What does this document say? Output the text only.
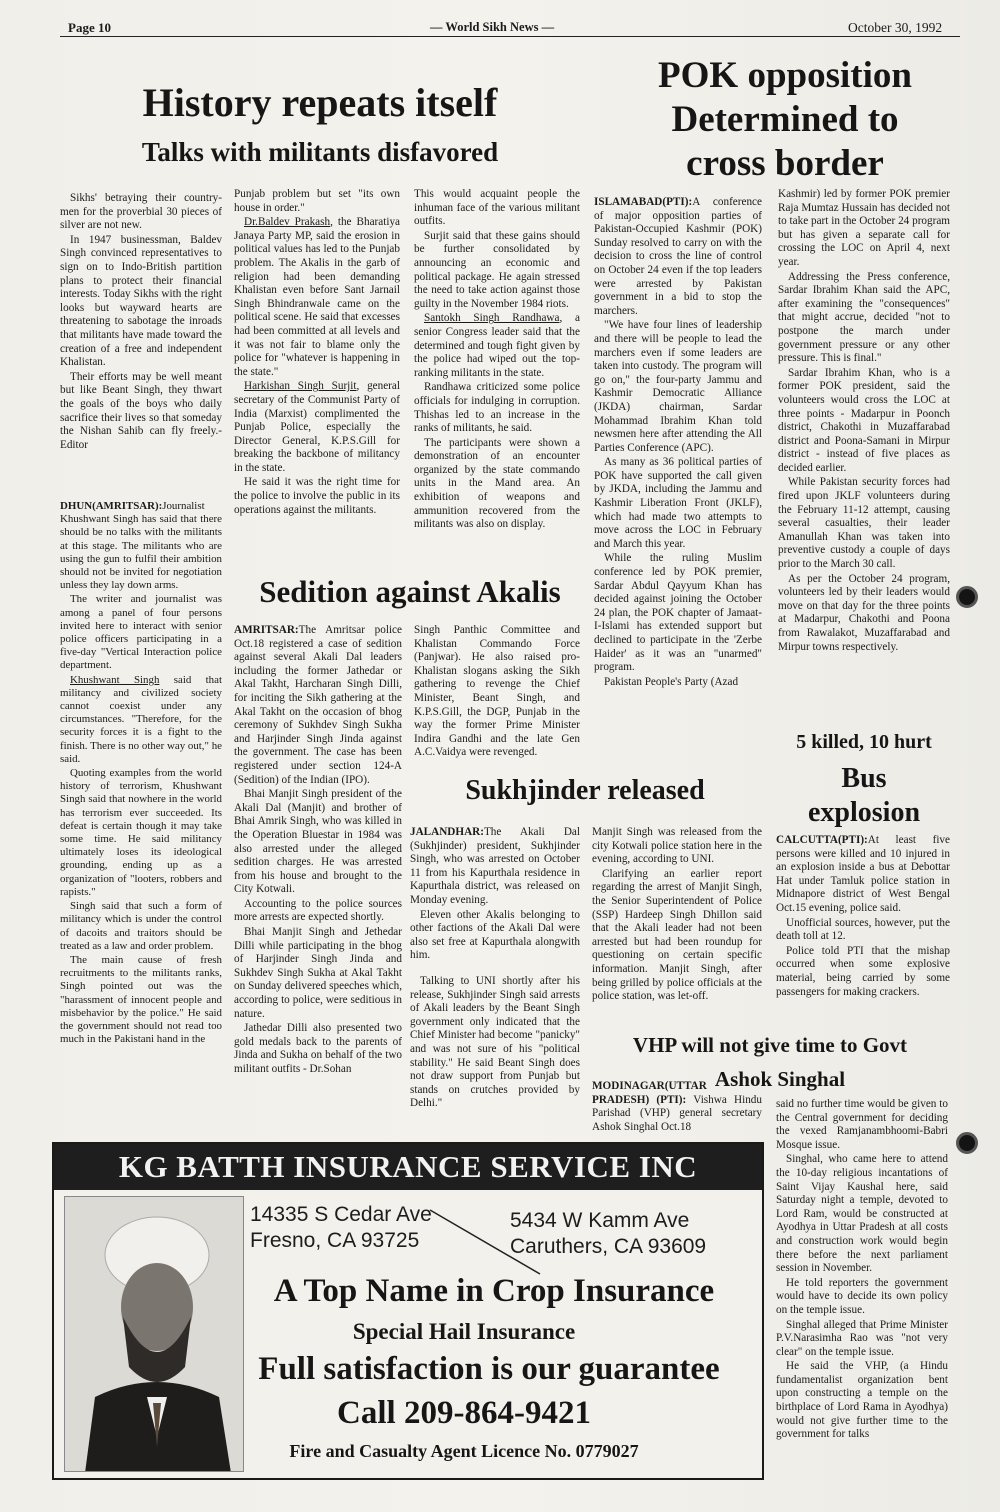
Page 10	— World Sikh News —	October 30, 1992
History repeats itself
Talks with militants disfavored

Sikhs' betraying their country-men for the proverbial 30 pieces of silver are not new.

In 1947 businessman, Baldev Singh convinced representatives to sign on to Indo-British partition plans to protect their financial interests. Today Sikhs with the right looks but wayward hearts are threatening to sabotage the inroads that militants have made toward the creation of a free and independent Khalistan.

Their efforts may be well meant but like Beant Singh, they thwart the goals of the boys who daily sacrifice their lives so that someday the Nishan Sahib can fly freely.-Editor

DHUN(AMRITSAR):Journalist Khushwant Singh has said that there should be no talks with the militants at this stage. The militants who are using the gun to fulfil their ambition should not be invited for negotiation unless they lay down arms.

The writer and journalist was among a panel of four persons invited here to interact with senior police officers participating in a five-day "Vertical Interaction police department.

Khushwant Singh said that militancy and civilized society cannot coexist under any circumstances. "Therefore, for the security forces it is a fight to the finish. There is no other way out," he said.

Quoting examples from the world history of terrorism, Khushwant Singh said that nowhere in the world has terrorism ever succeeded. Its defeat is certain though it may take some time. He said militancy ultimately loses its ideological grounding, ending up as a organization of "looters, robbers and rapists."

Singh said that such a form of militancy which is under the control of dacoits and traitors should be treated as a law and order problem.

The main cause of fresh recruitments to the militants ranks, Singh pointed out was the "harassment of innocent people and misbehavior by the police." He said the government should not read too much in the Pakistani hand in the

Punjab problem but set "its own house in order."

Dr.Baldev Prakash, the Bharatiya Janaya Party MP, said the erosion in political values has led to the Punjab problem. The Akalis in the garb of religion had been demanding Khalistan even before Sant Jarnail Singh Bhindranwale came on the political scene. He said that excesses had been committed at all levels and it was not fair to blame only the police for "whatever is happening in the state."

Harkishan Singh Surjit, general secretary of the Communist Party of India (Marxist) complimented the Punjab Police, especially the Director General, K.P.S.Gill for breaking the backbone of militancy in the state.

He said it was the right time for the police to involve the public in its operations against the militants.

This would acquaint people the inhuman face of the various militant outfits.

Surjit said that these gains should be further consolidated by announcing an economic and political package. He again stressed the need to take action against those guilty in the November 1984 riots.

Santokh Singh Randhawa, a senior Congress leader said that the determined and tough fight given by the police had wiped out the top-ranking militants in the state.

Randhawa criticized some police officials for indulging in corruption. Thishas led to an increase in the ranks of militants, he said.

The participants were shown a demonstration of an encounter organized by the state commando units in the Mand area. An exhibition of weapons and ammunition recovered from the militants was also on display.

POK opposition
Determined to
cross border

ISLAMABAD(PTI):A conference of major opposition parties of Pakistan-Occupied Kashmir (POK) Sunday resolved to carry on with the decision to cross the line of control on October 24 even if the top leaders were arrested by Pakistan government in a bid to stop the marchers.

"We have four lines of leadership and there will be people to lead the marchers even if some leaders are taken into custody. The program will go on," the four-party Jammu and Kashmir Democratic Alliance (JKDA) chairman, Sardar Mohammad Ibrahim Khan told newsmen here after attending the All Parties Conference (APC).

As many as 36 political parties of POK have supported the call given by JKDA, including the Jammu and Kashmir Liberation Front (JKLF), which had made two attempts to move across the LOC in February and March this year.

While the ruling Muslim conference led by POK premier, Sardar Abdul Qayyum Khan has decided against joining the October 24 plan, the POK chapter of Jamaat-I-Islami has extended support but declined to participate in the 'Zerbe Haider' as it was an "unarmed" program.

Pakistan People's Party (Azad

Kashmir) led by former POK premier Raja Mumtaz Hussain has decided not to take part in the October 24 program but has given a separate call for crossing the LOC on April 4, next year.

Addressing the Press conference, Sardar Ibrahim Khan said the APC, after examining the "consequences" that might accrue, decided "not to postpone the march under government pressure or any other pressure. This is final."

Sardar Ibrahim Khan, who is a former POK president, said the volunteers would cross the LOC at three points - Madarpur in Poonch district, Chakothi in Muzaffarabad district and Poona-Samani in Mirpur district - instead of five places as decided earlier.

While Pakistan security forces had fired upon JKLF volunteers during the February 11-12 attempt, causing several casualties, their leader Amanullah Khan was taken into preventive custody a couple of days prior to the March 30 call.

As per the October 24 program, volunteers led by their leaders would move on that day for the three points at Madarpur, Chakothi and Poona from Rawalakot, Muzaffarabad and Mirpur towns respectively.

Sedition against Akalis

AMRITSAR:The Amritsar police Oct.18 registered a case of sedition against several Akali Dal leaders including the former Jathedar or Akal Takht, Harcharan Singh Dilli, for inciting the Sikh gathering at the Akal Takht on the occasion of bhog ceremony of Sukhdev Singh Sukha and Harjinder Singh Jinda against the government. The case has been registered under section 124-A (Sedition) of the Indian (IPO).

Bhai Manjit Singh president of the Akali Dal (Manjit) and brother of Bhai Amrik Singh, who was killed in the Operation Bluestar in 1984 was also arrested under the alleged sedition charges. He was arrested from his house and brought to the City Kotwali.

Accounting to the police sources more arrests are expected shortly.

Bhai Manjit Singh and Jethedar Dilli while participating in the bhog of Harjinder Singh Jinda and Sukhdev Singh Sukha at Akal Takht on Sunday delivered speeches which, according to police, were seditious in nature.

Jathedar Dilli also presented two gold medals back to the parents of Jinda and Sukha on behalf of the two militant outfits - Dr.Sohan

Singh Panthic Committee and Khalistan Commando Force (Panjwar). He also raised pro-Khalistan slogans asking the Sikh gathering to revenge the Chief Minister, Beant Singh, and K.P.S.Gill, the DGP, Punjab in the way the former Prime Minister Indira Gandhi and the late Gen A.C.Vaidya were revenged.

Sukhjinder released

JALANDHAR:The Akali Dal (Sukhjinder) president, Sukhjinder Singh, who was arrested on October 11 from his Kapurthala residence in Kapurthala district, was released on Monday evening.

Eleven other Akalis belonging to other factions of the Akali Dal were also set free at Kapurthala alongwith him.

Talking to UNI shortly after his release, Sukhjinder Singh said arrests of Akali leaders by the Beant Singh government only indicated that the Chief Minister had become "panicky" and was not sure of his "political stability." He said Beant Singh does not draw support from Punjab but stands on crutches provided by Delhi."

Manjit Singh was released from the city Kotwali police station here in the evening, according to UNI.

Clarifying an earlier report regarding the arrest of Manjit Singh, the Senior Superintendent of Police (SSP) Hardeep Singh Dhillon said that the Akali leader had not been arrested but had been roundup for questioning on certain specific information. Manjit Singh, after being grilled by police officials at the police station, was let-off.

5 killed, 10 hurt
Bus
explosion

CALCUTTA(PTI):At least five persons were killed and 10 injured in an explosion inside a bus at Debottar Hat under Tamluk police station in Midnapore district of West Bengal Oct.15 evening, police said.

Unofficial sources, however, put the death toll at 12.

Police told PTI that the mishap occurred when some explosive material, being carried by some passengers for making crackers.

VHP will not give time to Govt
Ashok Singhal

MODINAGAR(UTTAR PRADESH) (PTI): Vishwa Hindu Parishad (VHP) general secretary Ashok Singhal Oct.18

said no further time would be given to the Central government for deciding the vexed Ramjanambhoomi-Babri Mosque issue.

Singhal, who came here to attend the 10-day religious incantations of Saint Vijay Kaushal here, said Saturday night a temple, devoted to Lord Ram, would be constructed at Ayodhya in Uttar Pradesh at all costs and construction work would begin there before the next parliament session in November.

He told reporters the government would have to decide its own policy on the temple issue.

Singhal alleged that Prime Minister P.V.Narasimha Rao was "not very clear" on the temple issue.

He said the VHP, (a Hindu fundamentalist organization bent upon constructing a temple on the birthplace of Lord Rama in Ayodhya) would not give further time to the government for talks

KG BATTH INSURANCE SERVICE INC
14335 S Cedar Ave
Fresno, CA 93725
5434 W Kamm Ave
Caruthers, CA 93609
A Top Name in Crop Insurance
Special Hail Insurance
Full satisfaction is our guarantee
Call 209-864-9421
Fire and Casualty Agent Licence No. 0779027
